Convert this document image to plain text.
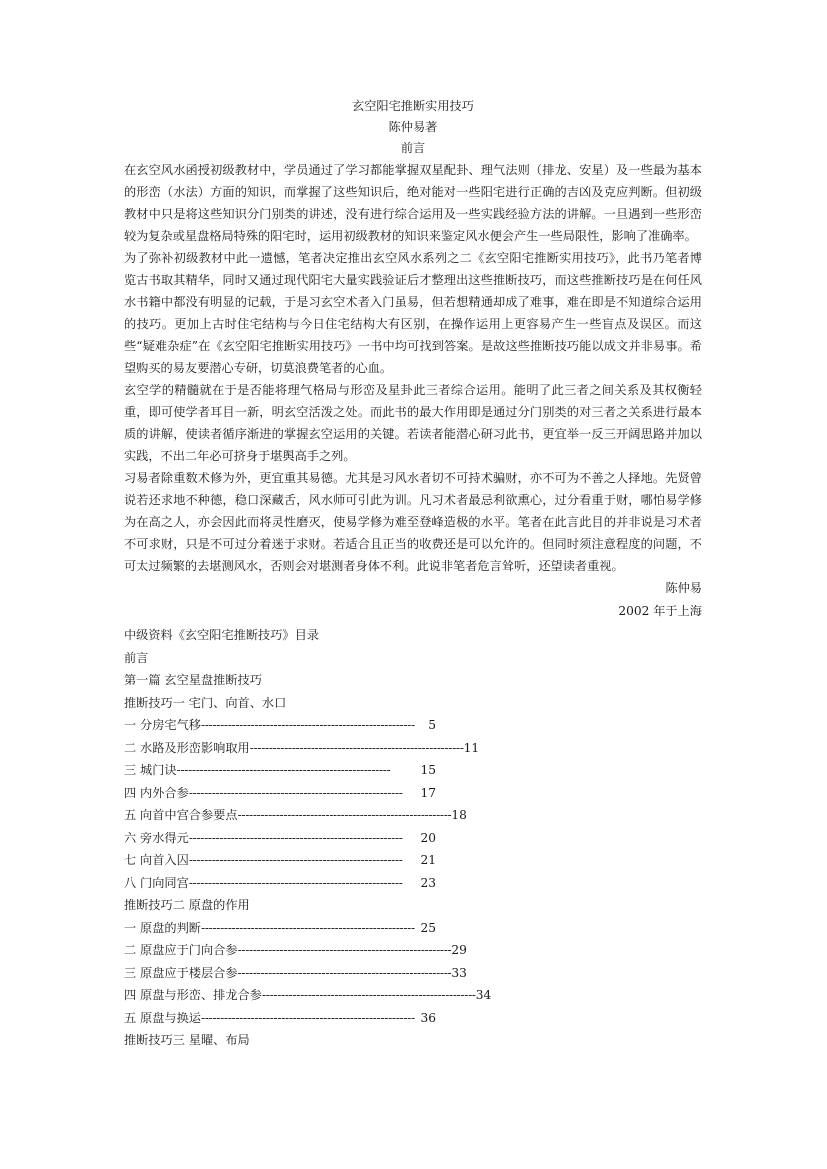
玄空阳宅推断实用技巧
陈仲易著
前言

在玄空风水函授初级教材中，学员通过了学习都能掌握双星配卦、理气法则（排龙、安星）及一些最为基本的形峦（水法）方面的知识，而掌握了这些知识后，绝对能对一些阳宅进行正确的吉凶及克应判断。但初级教材中只是将这些知识分门别类的讲述，没有进行综合运用及一些实践经验方法的讲解。一旦遇到一些形峦较为复杂或星盘格局特殊的阳宅时，运用初级教材的知识来鉴定风水便会产生一些局限性，影响了准确率。

为了弥补初级教材中此一遗憾，笔者决定推出玄空风水系列之二《玄空阳宅推断实用技巧》，此书乃笔者博览古书取其精华，同时又通过现代阳宅大量实践验证后才整理出这些推断技巧，而这些推断技巧是在何任风水书籍中都没有明显的记载，于是习玄空术者入门虽易，但若想精通却成了难事，难在即是不知道综合运用的技巧。更加上古时住宅结构与今日住宅结构大有区别，在操作运用上更容易产生一些盲点及误区。而这些“疑难杂症”在《玄空阳宅推断实用技巧》一书中均可找到答案。是故这些推断技巧能以成文并非易事。希望购买的易友要潜心专研，切莫浪费笔者的心血。

玄空学的精髓就在于是否能将理气格局与形峦及星卦此三者综合运用。能明了此三者之间关系及其权衡轻重，即可使学者耳目一新，明玄空活泼之处。而此书的最大作用即是通过分门别类的对三者之关系进行最本质的讲解，使读者循序渐进的掌握玄空运用的关键。若读者能潜心研习此书，更宜举一反三开阔思路并加以实践，不出二年必可挤身于堪舆高手之列。

习易者除重数术修为外，更宜重其易德。尤其是习风水者切不可持术骗财，亦不可为不善之人择地。先贤曾说若还求地不种德，稳口深藏舌，风水师可引此为训。凡习术者最忌利欲熏心，过分看重于财，哪怕易学修为在高之人，亦会因此而将灵性磨灭，使易学修为难至登峰造极的水平。笔者在此言此目的并非说是习术者不可求财，只是不可过分着迷于求财。若适合且正当的收费还是可以允许的。但同时须注意程度的问题，不可太过频繁的去堪测风水，否则会对堪测者身体不利。此说非笔者危言耸听，还望读者重视。

陈仲易
2002 年于上海
中级资料《玄空阳宅推断技巧》目录
前言
第一篇 玄空星盘推断技巧
推断技巧一 宅门、向首、水口
一 分房宅气移 --------------------------------------------------------	5
二 水路及形峦影响取用 -------------------------------------------------------- 11
三 城门诀 --------------------------------------------------------	15
四 内外合参 --------------------------------------------------------	17
五 向首中宫合参要点 -------------------------------------------------------- 18
六 旁水得元 --------------------------------------------------------	20
七 向首入囚 --------------------------------------------------------	21
八 门向同宫 --------------------------------------------------------	23
推断技巧二 原盘的作用
一 原盘的判断 -------------------------------------------------------- 25
二 原盘应于门向合参 -------------------------------------------------------- 29
三 原盘应于楼层合参 -------------------------------------------------------- 33
四 原盘与形峦、排龙合参 -------------------------------------------------------- 34
五 原盘与换运 -------------------------------------------------------- 36
推断技巧三 星曜、布局
